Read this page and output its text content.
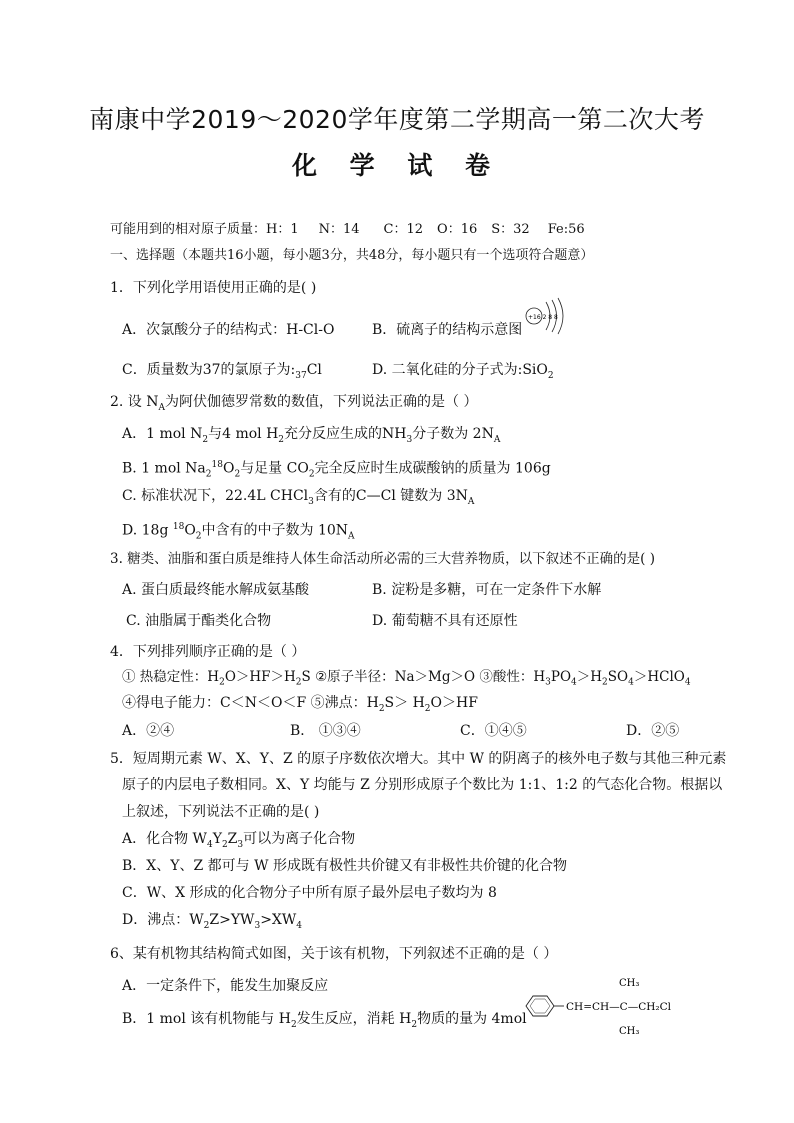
南康中学2019～2020学年度第二学期高一第二次大考
化 学 试 卷
可能用到的相对原子质量：H：1 N：14 C：12 O：16 S：32 Fe:56
一、选择题（本题共16小题，每小题3分，共48分，每小题只有一个选项符合题意）
1．下列化学用语使用正确的是( )
A．次氯酸分子的结构式：H-Cl-O	B．硫离子的结构示意图
+16 2 8 8
C．质量数为37的氯原子为$:_{37}Cl$	D. 二氧化硅的分子式为:SiO$_2$
2. 设 $N_A$为阿伏伽德罗常数的数值，下列说法正确的是（ ）
A．1 mol $N_2$与4 mol $H_2$充分反应生成的$NH_3$分子数为 $2N_A$
B. 1 mol $Na_2^{18}O_2$与足量 $CO_2$完全反应时生成碳酸钠的质量为 106g
C. 标准状况下，22.4L CHCl$_3$含有的C—Cl 键数为 $3N_A$
D. 18g $^{18}O_2$中含有的中子数为 $10N_A$
3. 糖类、油脂和蛋白质是维持人体生命活动所必需的三大营养物质，以下叙述不正确的是( )
A. 蛋白质最终能水解成氨基酸	B. 淀粉是多糖，可在一定条件下水解
C. 油脂属于酯类化合物	D. 葡萄糖不具有还原性
4．下列排列顺序正确的是（ ）
① 热稳定性：$H_2O>HF>H_2S$ ②原子半径：Na＞Mg＞O ③酸性：$H_3PO_4>H_2SO_4>HClO_4$
④得电子能力：C＜N＜O＜F ⑤沸点：$H_2S> H_2O>HF$
A．②④	B． ①③④	C．①④⑤	D．②⑤
5．短周期元素 W、X、Y、Z 的原子序数依次增大。其中 W 的阴离子的核外电子数与其他三种元素
原子的内层电子数相同。X、Y 均能与 Z 分别形成原子个数比为 1:1、1:2 的气态化合物。根据以
上叙述，下列说法不正确的是( )
A．化合物 $W_4Y_2Z_3$可以为离子化合物
B．X、Y、Z 都可与 W 形成既有极性共价键又有非极性共价键的化合物
C．W、X 形成的化合物分子中所有原子最外层电子数均为 8
D．沸点：$W_2Z>YW_3>XW_4$
6、某有机物其结构简式如图，关于该有机物，下列叙述不正确的是（ ）
A．一定条件下，能发生加聚反应
B．1 mol 该有机物能与 $H_2$发生反应，消耗 $H_2$物质的量为 4mol
CH=CH—C—CH₂Cl
CH₃
CH₃
